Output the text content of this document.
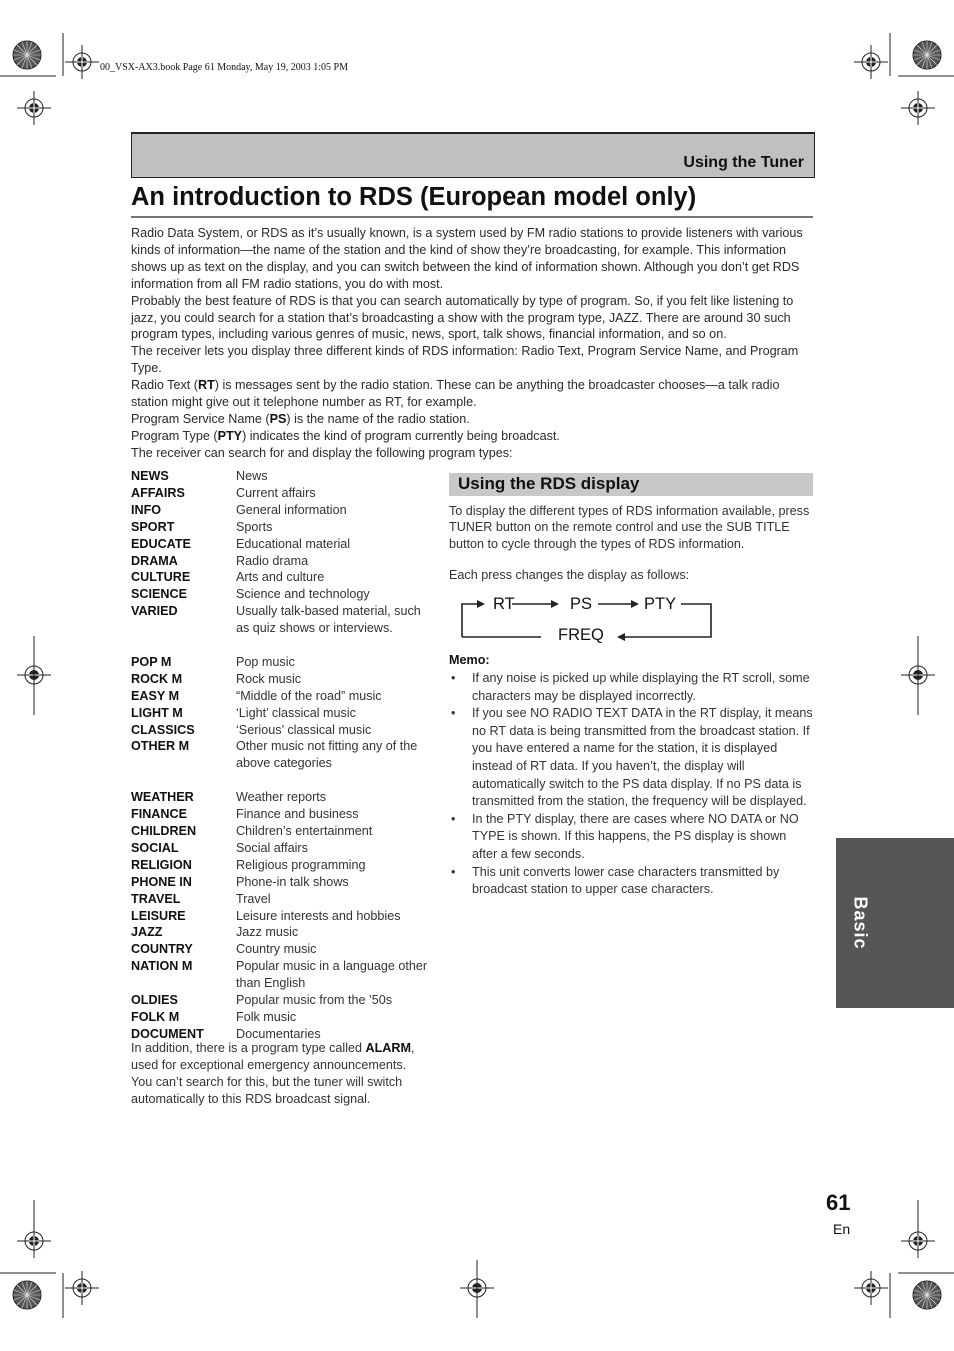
00_VSX-AX3.book Page 61 Monday, May 19, 2003 1:05 PM
Using the Tuner
An introduction to RDS (European model only)

Radio Data System, or RDS as it’s usually known, is a system used by FM radio stations to provide listeners with various kinds of information—the name of the station and the kind of show they’re broadcasting, for example. This information shows up as text on the display, and you can switch between the kind of information shown. Although you don’t get RDS information from all FM radio stations, you do with most.

Probably the best feature of RDS is that you can search automatically by type of program. So, if you felt like listening to jazz, you could search for a station that’s broadcasting a show with the program type, JAZZ. There are around 30 such program types, including various genres of music, news, sport, talk shows, financial information, and so on.

The receiver lets you display three different kinds of RDS information: Radio Text, Program Service Name, and Program Type.

Radio Text (RT) is messages sent by the radio station. These can be anything the broadcaster chooses—a talk radio station might give out it telephone number as RT, for example.

Program Service Name (PS) is the name of the radio station.

Program Type (PTY) indicates the kind of program currently being broadcast.

The receiver can search for and display the following program types:

NEWS	News
AFFAIRS	Current affairs
INFO	General information
SPORT	Sports
EDUCATE	Educational material
DRAMA	Radio drama
CULTURE	Arts and culture
SCIENCE	Science and technology
VARIED	Usually talk-based material, such as quiz shows or interviews.
POP M	Pop music
ROCK M	Rock music
EASY M	“Middle of the road” music
LIGHT M	‘Light’ classical music
CLASSICS	‘Serious’ classical music
OTHER M	Other music not fitting any of the above categories
WEATHER	Weather reports
FINANCE	Finance and business
CHILDREN	Children’s entertainment
SOCIAL	Social affairs
RELIGION	Religious programming
PHONE IN	Phone-in talk shows
TRAVEL	Travel
LEISURE	Leisure interests and hobbies
JAZZ	Jazz music
COUNTRY	Country music
NATION M	Popular music in a language other than English
OLDIES	Popular music from the ’50s
FOLK M	Folk music
DOCUMENT	Documentaries
In addition, there is a program type called ALARM, used for exceptional emergency announcements. You can’t search for this, but the tuner will switch automatically to this RDS broadcast signal.
Using the RDS display

To display the different types of RDS information available, press TUNER button on the remote control and use the SUB TITLE button to cycle through the types of RDS information.

Each press changes the display as follows:
RT	PS	PTY
FREQ
Memo:
• If any noise is picked up while displaying the RT scroll, some characters may be displayed incorrectly.
• If you see NO RADIO TEXT DATA in the RT display, it means no RT data is being transmitted from the broadcast station. If you have entered a name for the station, it is displayed instead of RT data. If you haven’t, the display will automatically switch to the PS data display. If no PS data is transmitted from the station, the frequency will be displayed.
• In the PTY display, there are cases where NO DATA or NO TYPE is shown. If this happens, the PS display is shown after a few seconds.
• This unit converts lower case characters transmitted by broadcast station to upper case characters.
Basic
61
En
